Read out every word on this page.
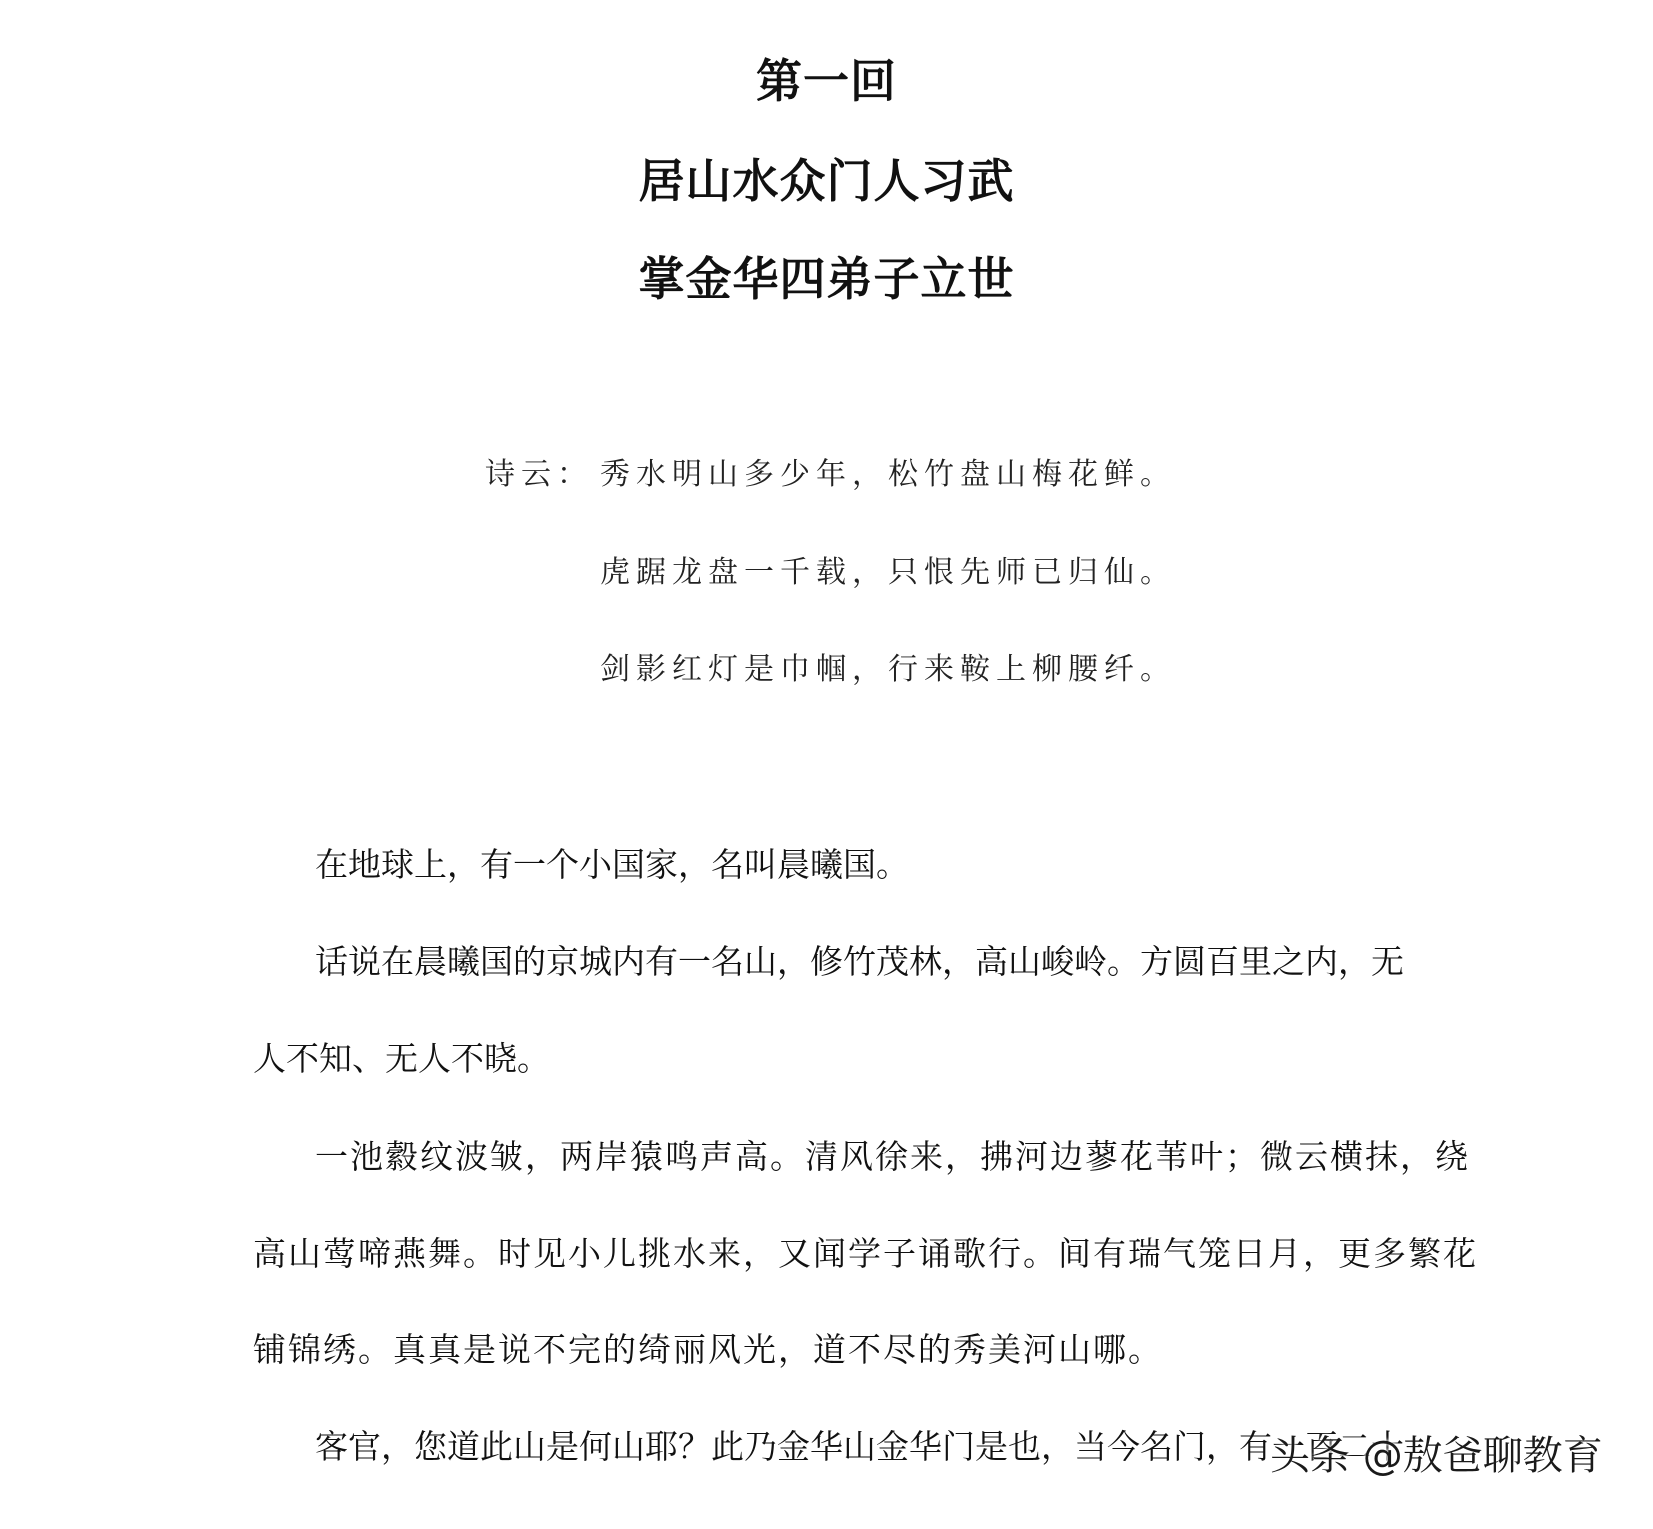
第一回
居山水众门人习武
掌金华四弟子立世
诗云： 秀水明山多少年，松竹盘山梅花鲜。
虎踞龙盘一千载，只恨先师已归仙。
剑影红灯是巾帼，行来鞍上柳腰纤。
在地球上，有一个小国家，名叫晨曦国。
话说在晨曦国的京城内有一名山，修竹茂林，高山峻岭。方圆百里之内，无
人不知、无人不晓。
一池縠纹波皱，两岸猿鸣声高。清风徐来，拂河边蓼花苇叶；微云横抹，绕
高山莺啼燕舞。时见小儿挑水来，又闻学子诵歌行。间有瑞气笼日月，更多繁花
铺锦绣。真真是说不完的绮丽风光，道不尽的秀美河山哪。
客官，您道此山是何山耶？此乃金华山金华门是也，当今名门，有一百二十
头条 @敖爸聊教育
